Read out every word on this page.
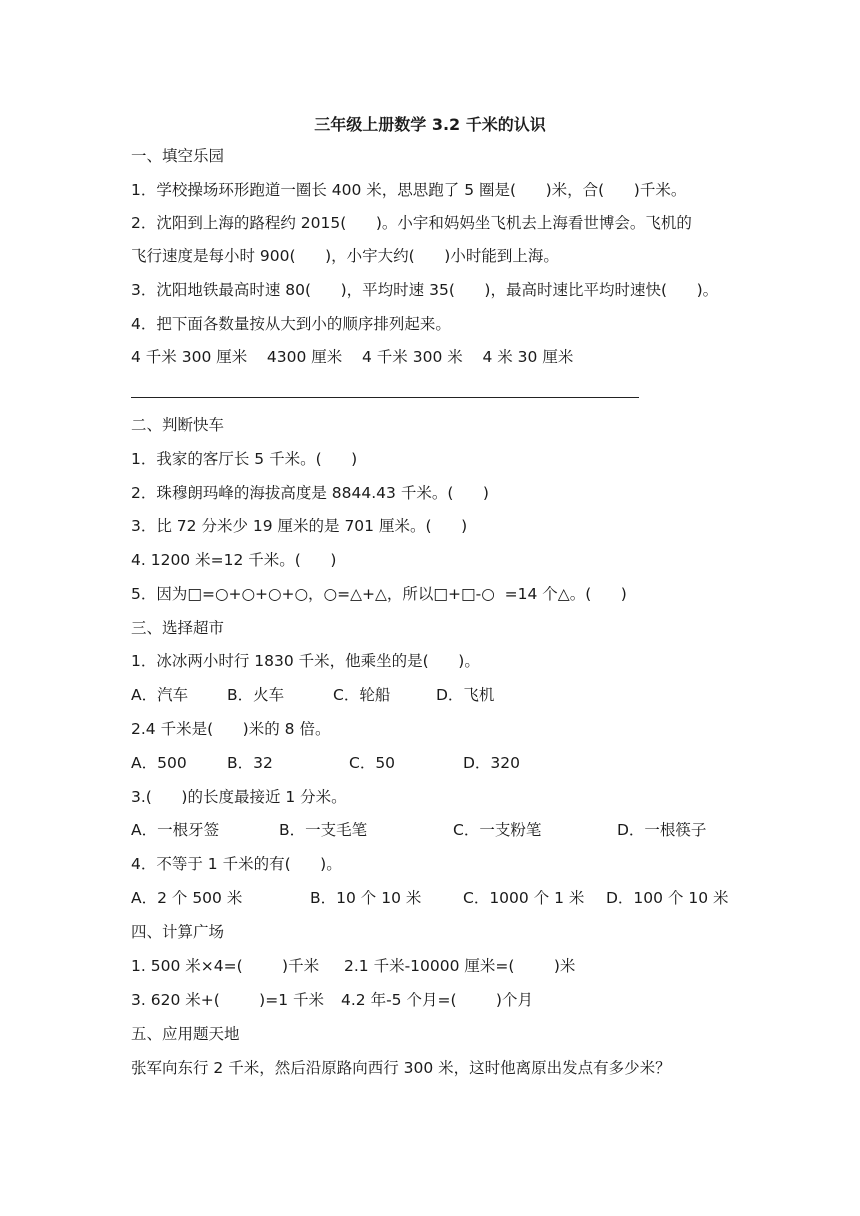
三年级上册数学 3.2 千米的认识
一、填空乐园
1．学校操场环形跑道一圈长 400 米，思思跑了 5 圈是(      )米，合(      )千米。
2．沈阳到上海的路程约 2015(      )。小宇和妈妈坐飞机去上海看世博会。飞机的
飞行速度是每小时 900(      )，小宇大约(      )小时能到上海。
3．沈阳地铁最高时速 80(      )，平均时速 35(      )，最高时速比平均时速快(      )。
4．把下面各数量按从大到小的顺序排列起来。
4 千米 300 厘米    4300 厘米    4 千米 300 米    4 米 30 厘米
二、判断快车
1．我家的客厅长 5 千米。(      )
2．珠穆朗玛峰的海拔高度是 8844.43 千米。(      )
3．比 72 分米少 19 厘米的是 701 厘米。(      )
4. 1200 米=12 千米。(      )
5．因为□=○+○+○+○，○=△+△，所以□+□-○  =14 个△。(      )
三、选择超市
1．冰冰两小时行 1830 千米，他乘坐的是(      )。
A．汽车	B．火车	C．轮船	D．飞机
2.4 千米是(      )米的 8 倍。
A．500	B．32	C．50	D．320
3.(      )的长度最接近 1 分米。
A．一根牙签	B．一支毛笔	C．一支粉笔	D．一根筷子
4．不等于 1 千米的有(      )。
A．2 个 500 米	B．10 个 10 米	C．1000 个 1 米 D．100 个 10 米
四、计算广场
1. 500 米×4=(        )千米 2.1 千米-10000 厘米=(        )米
3. 620 米+(        )=1 千米 4.2 年-5 个月=(        )个月
五、应用题天地
张军向东行 2 千米，然后沿原路向西行 300 米，这时他离原出发点有多少米？
